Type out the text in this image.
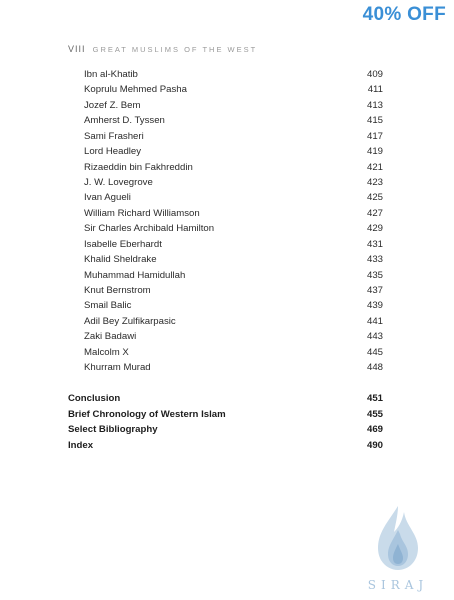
40% OFF
VIII GREAT MUSLIMS OF THE WEST
Ibn al-Khatib	409
Koprulu Mehmed Pasha	411
Jozef Z. Bem	413
Amherst D. Tyssen	415
Sami Frasheri	417
Lord Headley	419
Rizaeddin bin Fakhreddin	421
J. W. Lovegrove	423
Ivan Agueli	425
William Richard Williamson	427
Sir Charles Archibald Hamilton	429
Isabelle Eberhardt	431
Khalid Sheldrake	433
Muhammad Hamidullah	435
Knut Bernstrom	437
Smail Balic	439
Adil Bey Zulfikarpasic	441
Zaki Badawi	443
Malcolm X	445
Khurram Murad	448
Conclusion	451
Brief Chronology of Western Islam	455
Select Bibliography	469
Index	490
SIRAJ
